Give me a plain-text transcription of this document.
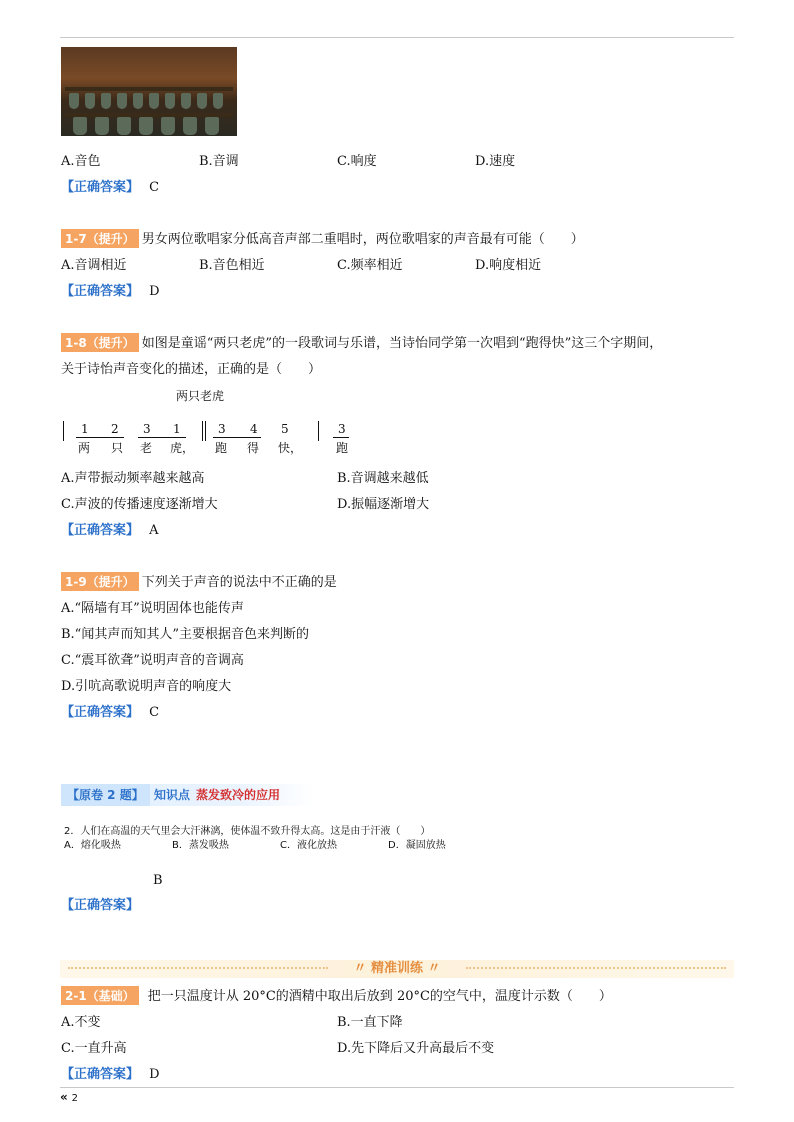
A.音色	B.音调	C.响度	D.速度
【正确答案】 C
1-7（提升） 男女两位歌唱家分低高音声部二重唱时，两位歌唱家的声音最有可能（　　）
A.音调相近	B.音色相近	C.频率相近	D.响度相近
【正确答案】 D
1-8（提升） 如图是童谣“两只老虎”的一段歌词与乐谱，当诗怡同学第一次唱到“跑得快”这三个字期间，
关于诗怡声音变化的描述，正确的是（　　）
两只老虎
1 2 3 1	3 4 5	3
两 只 老 虎， 跑 得 快，	跑
A.声带振动频率越来越高	B.音调越来越低
C.声波的传播速度逐渐增大	D.振幅逐渐增大
【正确答案】 A
1-9（提升） 下列关于声音的说法中不正确的是
A.“隔墙有耳”说明固体也能传声
B.“闻其声而知其人”主要根据音色来判断的
C.“震耳欲聋”说明声音的音调高
D.引吭高歌说明声音的响度大
【正确答案】 C
【原卷 2 题】 知识点 蒸发致冷的应用
2．人们在高温的天气里会大汗淋漓，使体温不致升得太高。这是由于汗液（　　）
A．熔化吸热	B．蒸发吸热	C．液化放热	D．凝固放热
B
【正确答案】
〃 精准训练 〃
2-1（基础） 把一只温度计从 20°C的酒精中取出后放到 20°C的空气中，温度计示数（　　）
A.不变	B.一直下降
C.一直升高	D.先下降后又升高最后不变
【正确答案】 D
« 2
